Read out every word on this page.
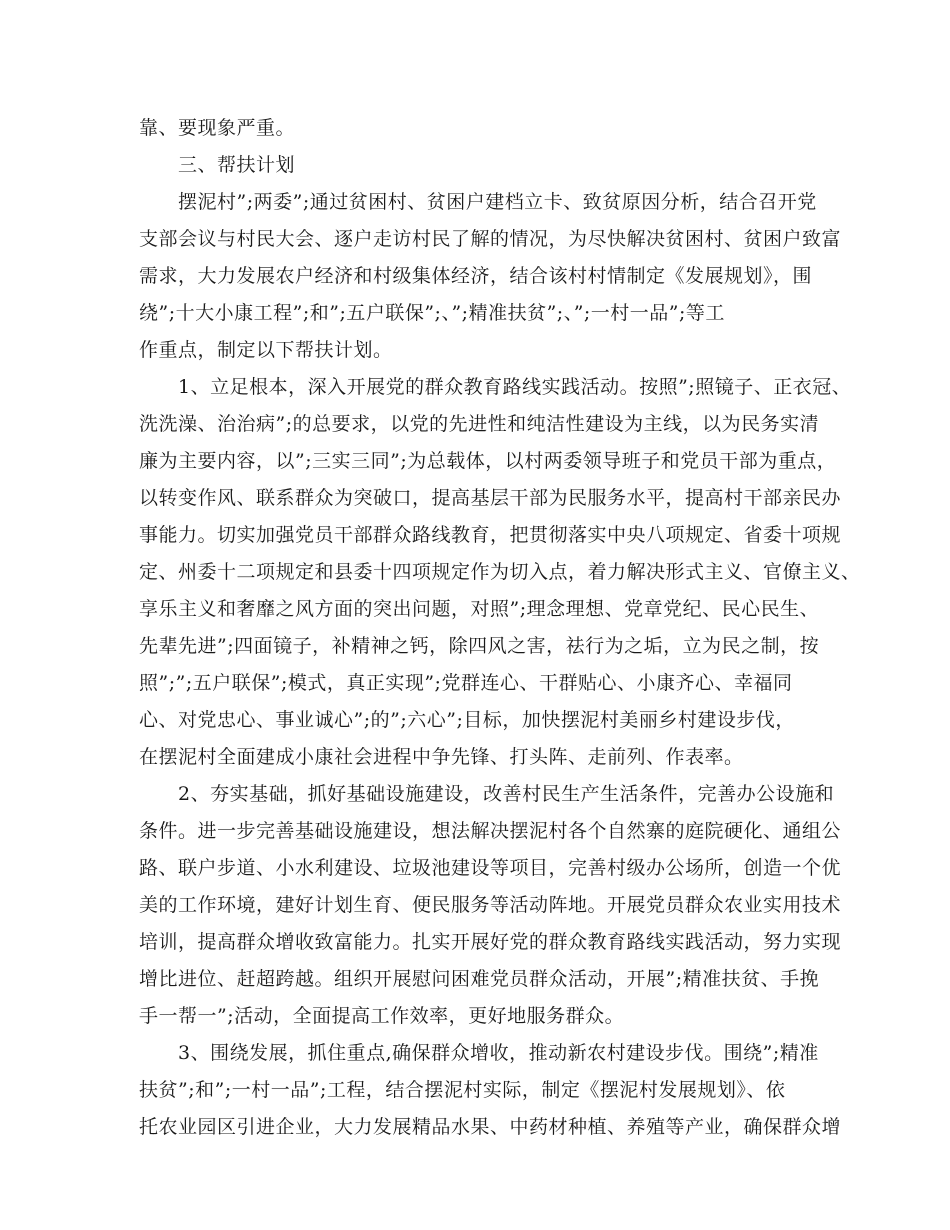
靠、要现象严重。
三、帮扶计划
摆泥村”;两委”;通过贫困村、贫困户建档立卡、致贫原因分析，结合召开党
支部会议与村民大会、逐户走访村民了解的情况，为尽快解决贫困村、贫困户致富
需求，大力发展农户经济和村级集体经济，结合该村村情制定《发展规划》，围
绕”;十大小康工程”;和”;五户联保”;、”;精准扶贫”;、”;一村一品”;等工
作重点，制定以下帮扶计划。
1、立足根本，深入开展党的群众教育路线实践活动。按照”;照镜子、正衣冠、
洗洗澡、治治病”;的总要求，以党的先进性和纯洁性建设为主线，以为民务实清
廉为主要内容，以”;三实三同”;为总载体，以村两委领导班子和党员干部为重点，
以转变作风、联系群众为突破口，提高基层干部为民服务水平，提高村干部亲民办
事能力。切实加强党员干部群众路线教育，把贯彻落实中央八项规定、省委十项规
定、州委十二项规定和县委十四项规定作为切入点，着力解决形式主义、官僚主义、
享乐主义和奢靡之风方面的突出问题，对照”;理念理想、党章党纪、民心民生、
先辈先进”;四面镜子，补精神之钙，除四风之害，祛行为之垢，立为民之制，按
照”;”;五户联保”;模式，真正实现”;党群连心、干群贴心、小康齐心、幸福同
心、对党忠心、事业诚心”;的”;六心”;目标，加快摆泥村美丽乡村建设步伐，
在摆泥村全面建成小康社会进程中争先锋、打头阵、走前列、作表率。
2、夯实基础，抓好基础设施建设，改善村民生产生活条件，完善办公设施和
条件。进一步完善基础设施建设，想法解决摆泥村各个自然寨的庭院硬化、通组公
路、联户步道、小水利建设、垃圾池建设等项目，完善村级办公场所，创造一个优
美的工作环境，建好计划生育、便民服务等活动阵地。开展党员群众农业实用技术
培训，提高群众增收致富能力。扎实开展好党的群众教育路线实践活动，努力实现
增比进位、赶超跨越。组织开展慰问困难党员群众活动，开展”;精准扶贫、手挽
手一帮一”;活动，全面提高工作效率，更好地服务群众。
3、围绕发展，抓住重点,确保群众增收，推动新农村建设步伐。围绕”;精准
扶贫”;和”;一村一品”;工程，结合摆泥村实际，制定《摆泥村发展规划》、依
托农业园区引进企业，大力发展精品水果、中药材种植、养殖等产业，确保群众增
